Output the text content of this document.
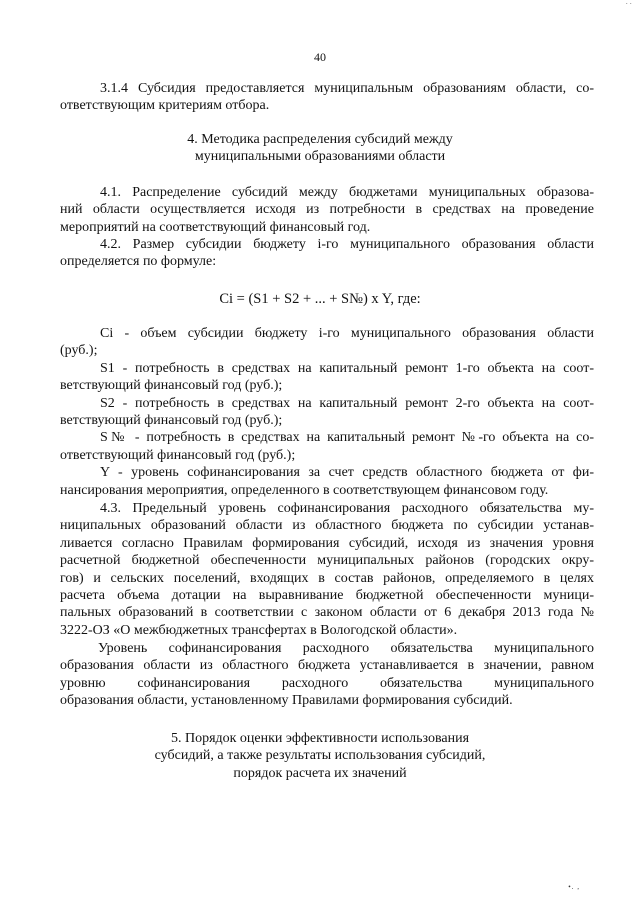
40
3.1.4 Субсидия предоставляется муниципальным образованиям области, со-
ответствующим критериям отбора.
4. Методика распределения субсидий между
муниципальными образованиями области
4.1. Распределение субсидий между бюджетами муниципальных образова-
ний области осуществляется исходя из потребности в средствах на проведение
мероприятий на соответствующий финансовый год.
4.2. Размер субсидии бюджету i-го муниципального образования области
определяется по формуле:
Ci = (S1 + S2 + ... + S№) x Y, где:
Ci - объем субсидии бюджету i-го муниципального образования области
(руб.);
S1 - потребность в средствах на капитальный ремонт 1-го объекта на соот-
ветствующий финансовый год (руб.);
S2 - потребность в средствах на капитальный ремонт 2-го объекта на соот-
ветствующий финансовый год (руб.);
S№ - потребность в средствах на капитальный ремонт №-го объекта на со-
ответствующий финансовый год (руб.);
Y - уровень софинансирования за счет средств областного бюджета от фи-
нансирования мероприятия, определенного в соответствующем финансовом году.
4.3. Предельный уровень софинансирования расходного обязательства му-
ниципальных образований области из областного бюджета по субсидии устанав-
ливается согласно Правилам формирования субсидий, исходя из значения уровня
расчетной бюджетной обеспеченности муниципальных районов (городских окру-
гов) и сельских поселений, входящих в состав районов, определяемого в целях
расчета объема дотации на выравнивание бюджетной обеспеченности муници-
пальных образований в соответствии с законом области от 6 декабря 2013 года №
3222-ОЗ «О межбюджетных трансфертах в Вологодской области».
Уровень софинансирования расходного обязательства муниципального
образования области из областного бюджета устанавливается в значении, равном
уровню софинансирования расходного обязательства муниципального
образования области, установленному Правилами формирования субсидий.
5. Порядок оценки эффективности использования
субсидий, а также результаты использования субсидий,
порядок расчета их значений
· ·
•. ,
